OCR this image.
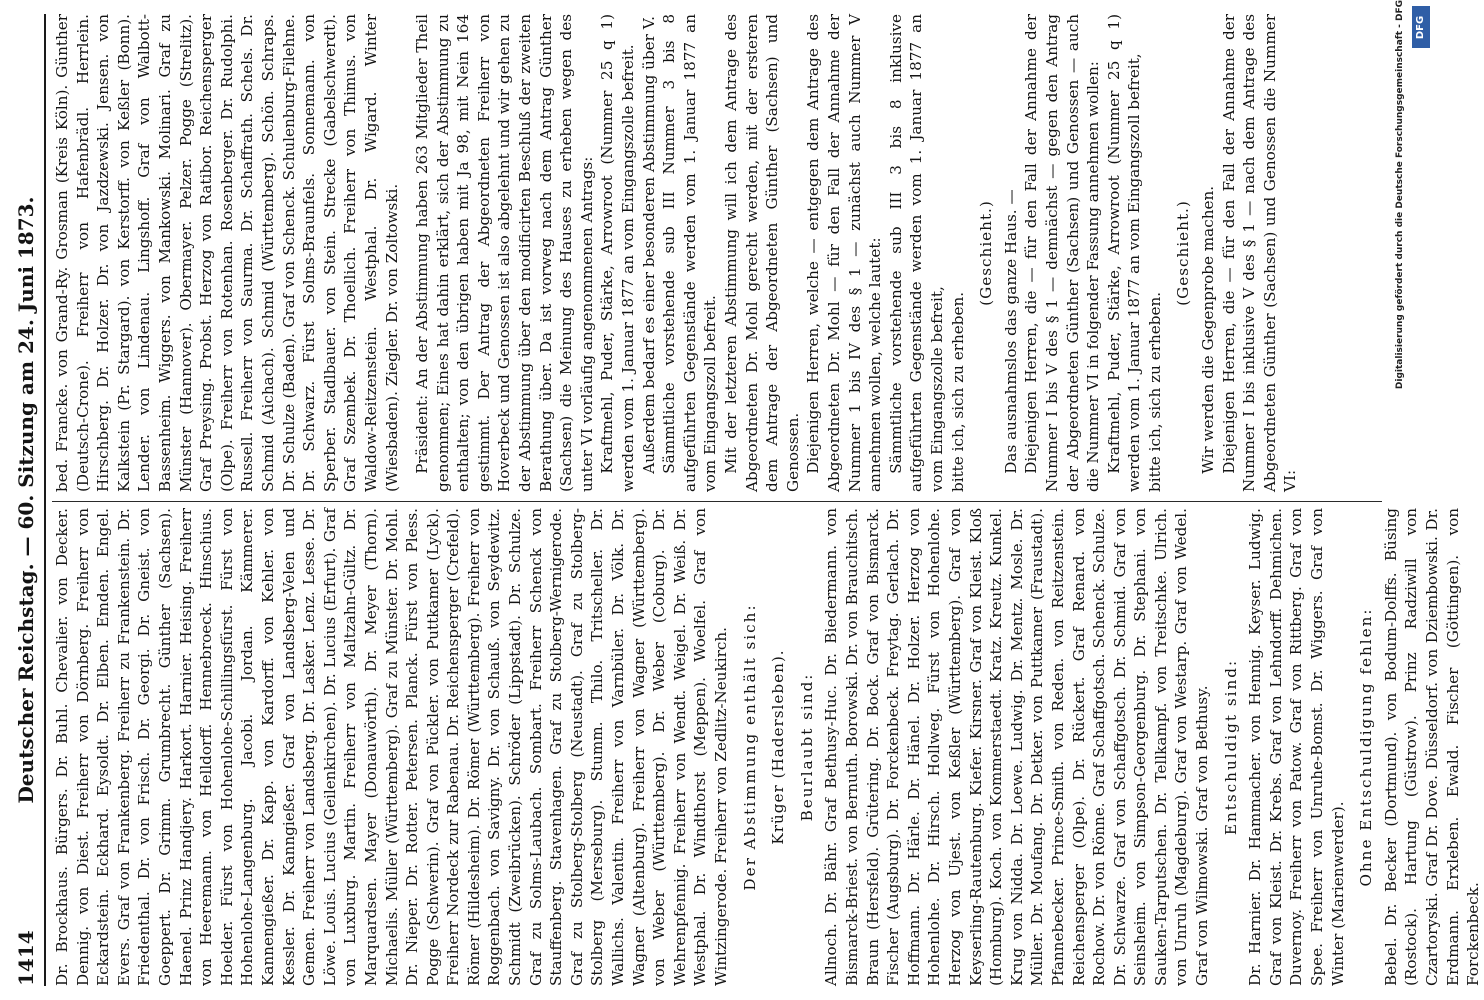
1414
Deutscher Reichstag. — 60. Sitzung am 24. Juni 1873. Dr. Brockhaus. Bürgers. Dr. Buhl. Chevalier. von Decker. Dennig. von Diest. Freiherr von Dörnberg. Freiherr von Eckardstein. Eckhard. Eysoldt. Dr. Elben. Emden. Engel. Evers. Graf von Frankenberg. Freiherr zu Frankenstein. Dr. Friedenthal. Dr. von Frisch. Dr. Georgi. Dr. Gneist. von Goeppert. Dr. Grimm. Grumbrecht. Günther (Sachsen). Haenel. Prinz Handjery. Harkort. Harnier. Heising. Freiherr von Heeremann. von Helldorff. Hennebroeck. Hinschius. Hoelder. Fürst von Hohenlohe-Schillingsfürst. Fürst von Hohenlohe-Langenburg. Jacobi. Jordan. Kämmerer. Kannengießer. Dr. Kapp. von Kardorff. von Kehler. von Kessler. Dr. Kanngießer. Graf von Landsberg-Velen und Gemen. Freiherr von Landsberg. Dr. Lasker. Lenz. Lesse. Dr. Löwe. Louis. Lucius (Geilenkirchen). Dr. Lucius (Erfurt). Graf von Luxburg. Martin. Freiherr von Maltzahn-Gültz. Dr. Marquardsen. Mayer (Donauwörth). Dr. Meyer (Thorn). Michaelis. Müller (Württemberg). Graf zu Münster. Dr. Mohl. Dr. Nieper. Dr. Rotter. Petersen. Planck. Fürst von Pless. Pogge (Schwerin). Graf von Pückler. von Puttkamer (Lyck). Freiherr Nordeck zur Rabenau. Dr. Reichensperger (Crefeld). Römer (Hildesheim). Dr. Römer (Württemberg). Freiherr von Roggenbach. von Savigny. Dr. von Schauß. von Seydewitz. Schmidt (Zweibrücken). Schröder (Lippstadt). Dr. Schulze. Graf zu Solms-Laubach. Sombart. Freiherr Schenck von Stauffenberg. Stavenhagen. Graf zu Stolberg-Wernigerode. Graf zu Stolberg-Stolberg (Neustadt). Graf zu Stolberg-Stolberg (Merseburg). Stumm. Thilo. Tritscheller. Dr. Wallichs. Valentin. Freiherr von Varnbüler. Dr. Völk. Dr. Wagner (Altenburg). Freiherr von Wagner (Württemberg). von Weber (Württemberg). Dr. Weber (Coburg). Dr. Wehrenpfennig. Freiherr von Wendt. Weigel. Dr. Weiß. Dr. Westphal. Dr. Windthorst (Meppen). Woelfel. Graf von Wintzingerode. Freiherr von Zedlitz-Neukirch. Der Abstimmung enthält sich: Krüger (Hadersleben). Beurlaubt sind: Allnoch. Dr. Bähr. Graf Bethusy-Huc. Dr. Biedermann. von Bismarck-Briest. von Bernuth. Borowski. Dr. von Brauchitsch. Braun (Hersfeld). Grütering. Dr. Bock. Graf von Bismarck. Fischer (Augsburg). Dr. Forckenbeck. Freytag. Gerlach. Dr. Hoffmann. Dr. Härle. Dr. Hänel. Dr. Holzer. Herzog von Hohenlohe. Dr. Hirsch. Hollweg. Fürst von Hohenlohe. Herzog von Ujest. von Keßler (Württemberg). Graf von Keyserling-Rautenburg. Kiefer. Kirsner. Graf von Kleist. Kloß (Homburg). Koch. von Kommerstaedt. Kratz. Kreutz. Kunkel. Krug von Nidda. Dr. Loewe. Ludwig. Dr. Mentz. Mosle. Dr. Müller. Dr. Moufang. Dr. Detker. von Puttkamer (Fraustadt). Pfannebecker. Prince-Smith. von Reden. von Reitzenstein. Reichensperger (Olpe). Dr. Rückert. Graf Renard. von Rochow. Dr. von Rönne. Graf Schaffgotsch. Schenck. Schulze. Dr. Schwarze. Graf von Schaffgotsch. Dr. Schmid. Graf von Seinsheim. von Simpson-Georgenburg. Dr. Stephani. von Sauken-Tarputschen. Dr. Tellkampf. von Treitschke. Ulrich. von Unruh (Magdeburg). Graf von Westarp. Graf von Wedel. Graf von Wilmowski. Graf von Bethusy. Entschuldigt sind: Dr. Harnier. Dr. Hammacher. von Hennig. Keyser. Ludwig. Graf von Kleist. Dr. Krebs. Graf von Lehndorff. Dehmichen. Duvernoy. Freiherr von Patow. Graf von Rittberg. Graf von Spee. Freiherr von Unruhe-Bomst. Dr. Wiggers. Graf von Winter (Marienwerder).

Ohne Entschuldigung fehlen: Bebel. Dr. Becker (Dortmund). von Bodum-Dolffs. Büsing (Rostock). Hartung (Güstrow). Prinz Radziwill von Czartoryski. Graf Dr. Dove. Düsseldorf. von Dziembowski. Dr. Erdmann. Erxleben. Ewald. Fischer (Göttingen). von Forckenbeck.

bed. Francke. von Grand-Ry. Grosman (Kreis Köln). Günther (Deutsch-Crone). Freiherr von Hafenbrädl. Herrlein. Hirschberg. Dr. Holzer. Dr. von Jazdzewski. Jensen. von Kalkstein (Pr. Stargard). von Kerstorff. von Keßler (Bonn). Lender. von Lindenau. Lingshoff. Graf von Walbott-Bassenheim. Wiggers. von Mankowski. Molinari. Graf zu Münster (Hannover). Obermayer. Pelzer. Pogge (Strelitz). Graf Preysing. Probst. Herzog von Ratibor. Reichensperger (Olpe). Freiherr von Rotenhan. Rosenberger. Dr. Rudolphi. Russell. Freiherr von Saurma. Dr. Schaffrath. Schels. Dr. Schmid (Aichach). Schmid (Württemberg). Schön. Schraps. Dr. Schulze (Baden). Graf von Schenck. Schulenburg-Filehne. Dr. Schwarz. Fürst Solms-Braunfels. Sonnemann. von Sperber. Stadlbauer. von Stein. Strecke (Gabelschwerdt). Graf Szembek. Dr. Thoellich. Freiherr von Thimus. von Waldow-Reitzenstein. Westphal. Dr. Wigard. Winter (Wiesbaden). Ziegler. Dr. von Zoltowski. Präsident: An der Abstimmung haben 263 Mitglieder Theil genommen; Eines hat dahin erklärt, sich der Abstimmung zu enthalten; von den übrigen haben mit Ja 98, mit Nein 164 gestimmt. Der Antrag der Abgeordneten Freiherr von Hoverbeck und Genossen ist also abgelehnt und wir gehen zu der Abstimmung über den modificirten Beschluß der zweiten Berathung über. Da ist vorweg nach dem Antrag Günther (Sachsen) die Meinung des Hauses zu erheben wegen des unter VI vorläufig angenommenen Antrags: Kraftmehl, Puder, Stärke, Arrowroot (Nummer 25 q 1) werden vom 1. Januar 1877 an vom Eingangszolle befreit. Außerdem bedarf es einer besonderen Abstimmung über V. Sämmtliche vorstehende sub III Nummer 3 bis 8 aufgeführten Gegenstände werden vom 1. Januar 1877 an vom Eingangszoll befreit. Mit der letzteren Abstimmung will ich dem Antrage des Abgeordneten Dr. Mohl gerecht werden, mit der ersteren dem Antrage der Abgeordneten Günther (Sachsen) und Genossen. Diejenigen Herren, welche — entgegen dem Antrage des Abgeordneten Dr. Mohl — für den Fall der Annahme der Nummer 1 bis IV des § 1 — zunächst auch Nummer V annehmen wollen, welche lautet: Sämmtliche vorstehende sub III 3 bis 8 inklusive aufgeführten Gegenstände werden vom 1. Januar 1877 an vom Eingangszolle befreit, bitte ich, sich zu erheben.

(Geschieht.) Das ausnahmslos das ganze Haus. — Diejenigen Herren, die — für den Fall der Annahme der Nummer I bis V des § 1 — demnächst — gegen den Antrag der Abgeordneten Günther (Sachsen) und Genossen — auch die Nummer VI in folgender Fassung annehmen wollen: Kraftmehl, Puder, Stärke, Arrowroot (Nummer 25 q 1) werden vom 1. Januar 1877 an vom Eingangszoll befreit, bitte ich, sich zu erheben.

(Geschieht.) Wir werden die Gegenprobe machen. Diejenigen Herren, die — für den Fall der Annahme der Nummer I bis inklusive V des § 1 — nach dem Antrage des Abgeordneten Günther (Sachsen) und Genossen die Nummer VI:

DFG
Digitalisierung gefördert durch die Deutsche Forschungsgemeinschaft - DFG
